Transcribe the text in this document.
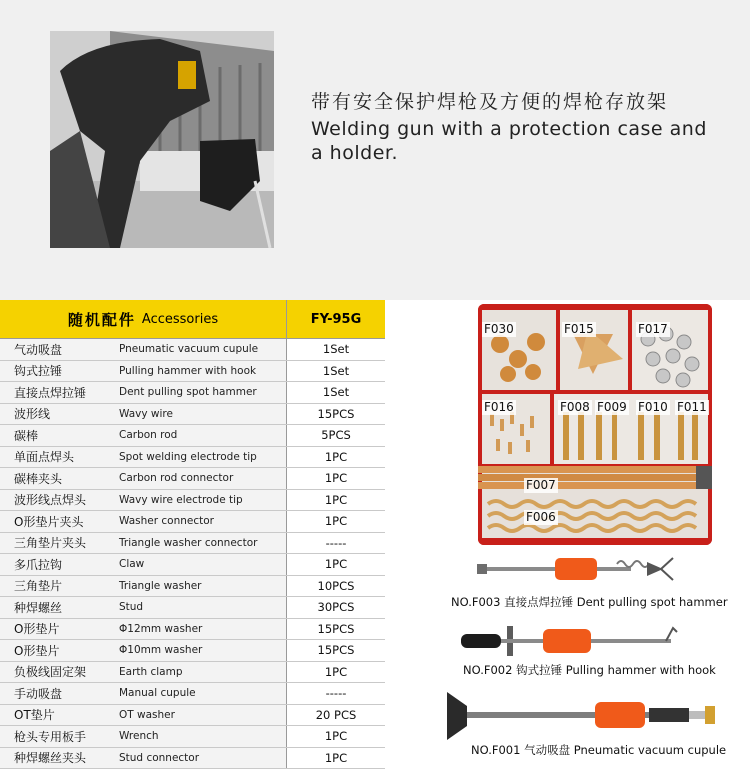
带有安全保护焊枪及方便的焊枪存放架
Welding gun with a protection case and a holder.
随机配件 Accessories	FY-95G
气动吸盘	Pneumatic vacuum cupule	1Set
钩式拉锤	Pulling hammer with hook	1Set
直接点焊拉锤	Dent pulling spot hammer	1Set
波形线	Wavy wire	15PCS
碳棒	Carbon rod	5PCS
单面点焊头	Spot welding electrode tip	1PC
碳棒夹头	Carbon rod connector	1PC
波形线点焊头	Wavy wire electrode tip	1PC
O形垫片夹头	Washer connector	1PC
三角垫片夹头	Triangle washer connector	-----
多爪拉钩	Claw	1PC
三角垫片	Triangle washer	10PCS
种焊螺丝	Stud	30PCS
O形垫片	Φ12mm washer	15PCS
O形垫片	Φ10mm washer	15PCS
负极线固定架	Earth clamp	1PC
手动吸盘	Manual cupule	-----
OT垫片	OT washer	20 PCS
枪头专用板手	Wrench	1PC
种焊螺丝夹头	Stud connector	1PC
F030	F015	F017
F016	F008 F009 F010 F011
F007
F006
NO.F003 直接点焊拉锤 Dent pulling spot hammer
NO.F002 钩式拉锤 Pulling hammer with hook
NO.F001 气动吸盘 Pneumatic vacuum cupule
